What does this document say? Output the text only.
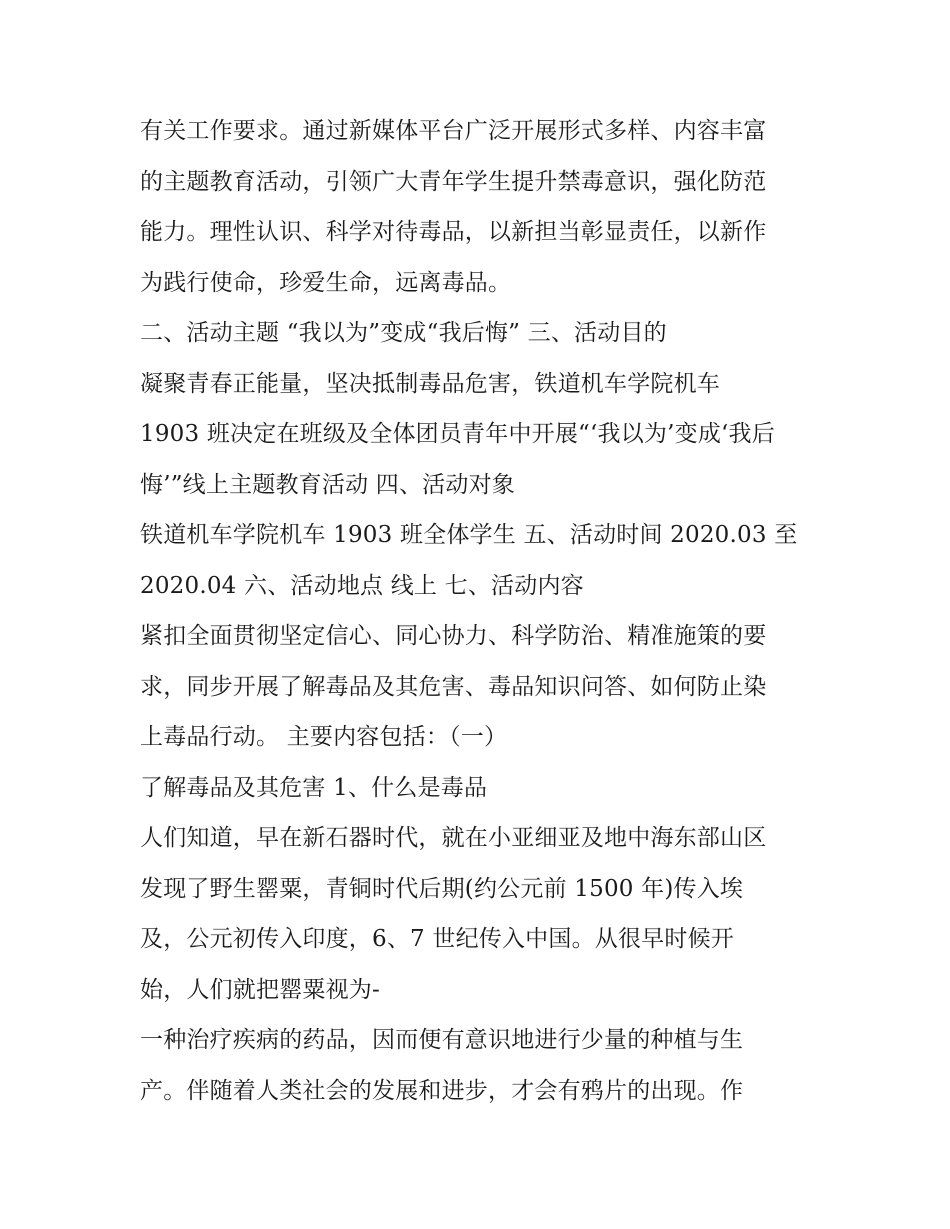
有关工作要求。通过新媒体平台广泛开展形式多样、内容丰富
的主题教育活动，引领广大青年学生提升禁毒意识，强化防范
能力。理性认识、科学对待毒品，以新担当彰显责任，以新作
为践行使命，珍爱生命，远离毒品。
二、活动主题 “我以为”变成“我后悔” 三、活动目的
凝聚青春正能量，坚决抵制毒品危害，铁道机车学院机车
1903 班决定在班级及全体团员青年中开展“‘我以为’变成‘我后
悔’”线上主题教育活动 四、活动对象
铁道机车学院机车 1903 班全体学生 五、活动时间 2020.03 至
2020.04 六、活动地点 线上 七、活动内容
紧扣全面贯彻坚定信心、同心协力、科学防治、精准施策的要
求，同步开展了解毒品及其危害、毒品知识问答、如何防止染
上毒品行动。 主要内容包括：（一）
了解毒品及其危害 1、什么是毒品
人们知道，早在新石器时代，就在小亚细亚及地中海东部山区
发现了野生罂粟，青铜时代后期(约公元前 1500 年)传入埃
及，公元初传入印度，6、7 世纪传入中国。从很早时候开
始，人们就把罂粟视为-
一种治疗疾病的药品，因而便有意识地进行少量的种植与生
产。伴随着人类社会的发展和进步，才会有鸦片的出现。作
